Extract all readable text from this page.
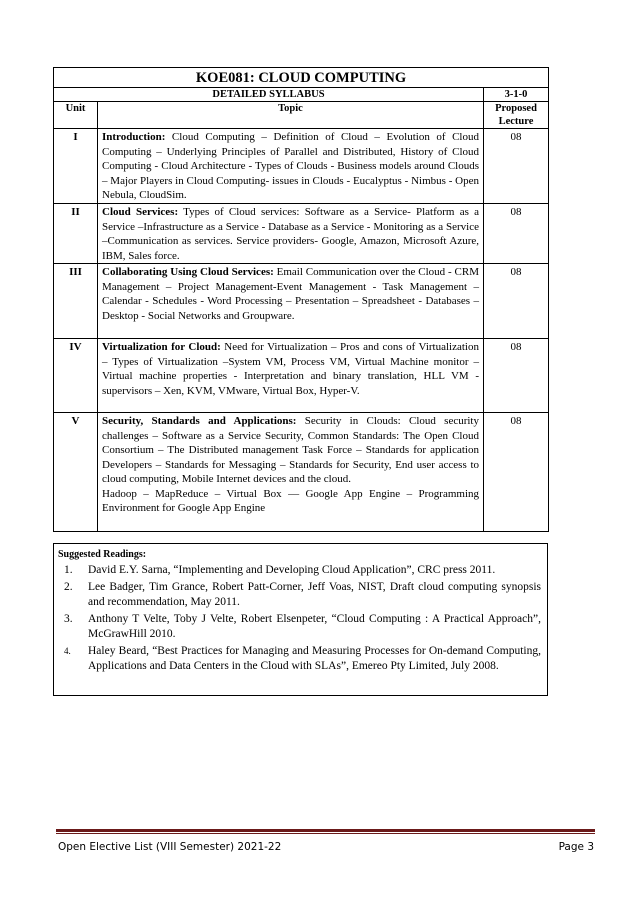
KOE081: CLOUD COMPUTING		
DETAILED SYLLABUS		3-1-0
Unit	Topic	Proposed Lecture
I	Introduction: Cloud Computing – Definition of Cloud – Evolution of Cloud Computing – Underlying Principles of Parallel and Distributed, History of Cloud Computing - Cloud Architecture - Types of Clouds - Business models around Clouds – Major Players in Cloud Computing- issues in Clouds - Eucalyptus - Nimbus - Open Nebula, CloudSim.	08
II	Cloud Services: Types of Cloud services: Software as a Service- Platform as a Service –Infrastructure as a Service - Database as a Service - Monitoring as a Service –Communication as services. Service providers- Google, Amazon, Microsoft Azure, IBM, Sales force.	08
III	Collaborating Using Cloud Services: Email Communication over the Cloud - CRM Management – Project Management-Event Management - Task Management – Calendar - Schedules - Word Processing – Presentation – Spreadsheet - Databases – Desktop - Social Networks and Groupware.	08
IV	Virtualization for Cloud: Need for Virtualization – Pros and cons of Virtualization – Types of Virtualization –System VM, Process VM, Virtual Machine monitor – Virtual machine properties - Interpretation and binary translation, HLL VM - supervisors – Xen, KVM, VMware, Virtual Box, Hyper-V.	08
V	Security, Standards and Applications: Security in Clouds: Cloud security challenges – Software as a Service Security, Common Standards: The Open Cloud Consortium – The Distributed management Task Force – Standards for application Developers – Standards for Messaging – Standards for Security, End user access to cloud computing, Mobile Internet devices and the cloud.
Hadoop – MapReduce – Virtual Box — Google App Engine – Programming Environment for Google App Engine	08
Suggested Readings:
1. David E.Y. Sarna, “Implementing and Developing Cloud Application”, CRC press 2011.
2. Lee Badger, Tim Grance, Robert Patt-Corner, Jeff Voas, NIST, Draft cloud computing synopsis and recommendation, May 2011.
3. Anthony T Velte, Toby J Velte, Robert Elsenpeter, “Cloud Computing : A Practical Approach”, McGrawHill 2010.
4. Haley Beard, “Best Practices for Managing and Measuring Processes for On-demand Computing, Applications and Data Centers in the Cloud with SLAs”, Emereo Pty Limited, July 2008.
Open Elective List (VIII Semester) 2021-22	Page 3
